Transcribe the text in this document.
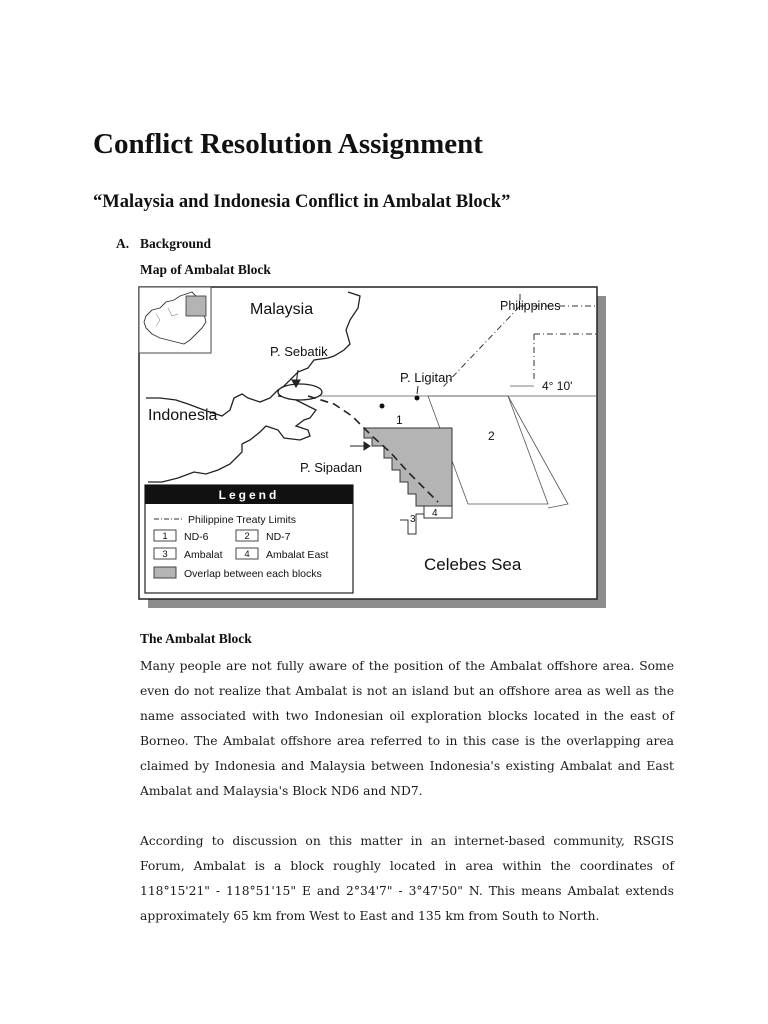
Conflict Resolution Assignment
“Malaysia and Indonesia Conflict in Ambalat Block”
A. Background
Map of Ambalat Block
Malaysia	Philippines
P. Sebatik
P. Ligitan
4° 10'
Indonesia	1
2
3
4
P. Sipadan
Celebes Sea
Legend
Philippine Treaty Limits
1 ND-6	2 ND-7
3 Ambalat 4 Ambalat East
Overlap between each blocks
The Ambalat Block

Many people are not fully aware of the position of the Ambalat offshore area. Some even do not realize that Ambalat is not an island but an offshore area as well as the name associated with two Indonesian oil exploration blocks located in the east of Borneo. The Ambalat offshore area referred to in this case is the overlapping area claimed by Indonesia and Malaysia between Indonesia's existing Ambalat and East Ambalat and Malaysia's Block ND6 and ND7.

According to discussion on this matter in an internet-based community, RSGIS Forum, Ambalat is a block roughly located in area within the coordinates of 118°15'21" - 118°51'15" E and 2°34'7" - 3°47'50" N. This means Ambalat extends approximately 65 km from West to East and 135 km from South to North.
